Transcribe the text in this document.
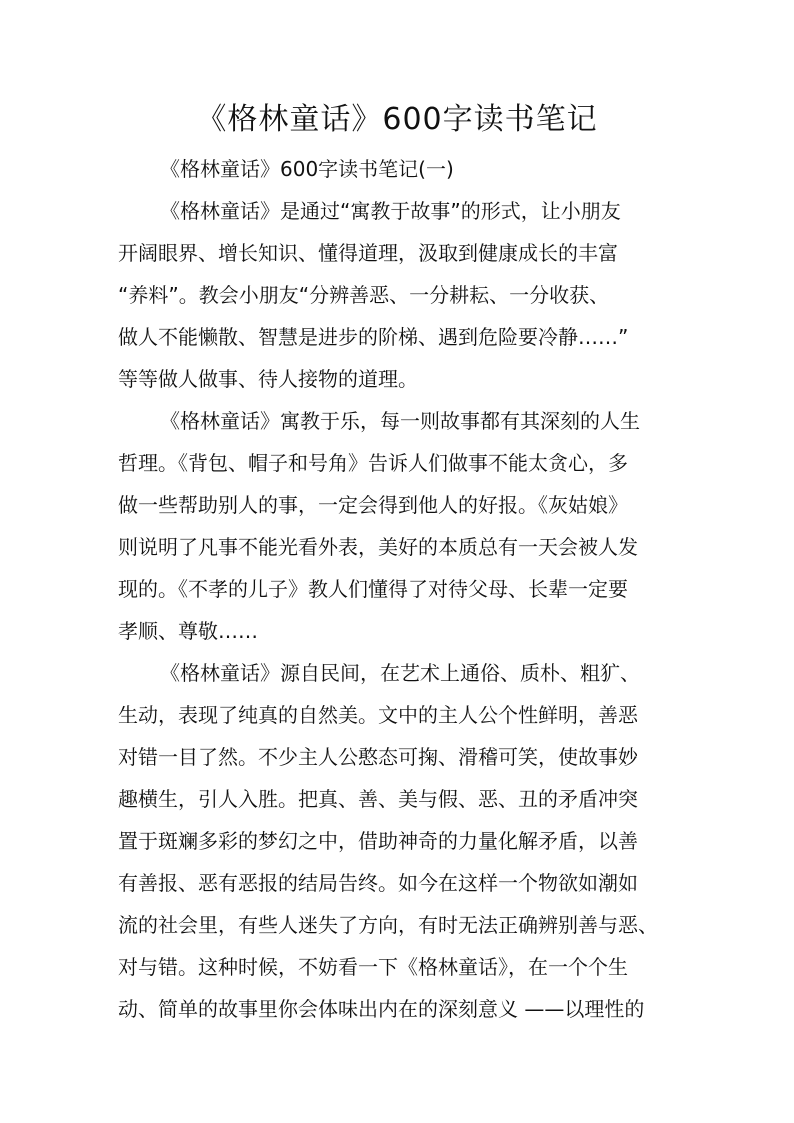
《格林童话》600字读书笔记

《格林童话》600字读书笔记(一)

《格林童话》是通过“寓教于故事”的形式，让小朋友
开阔眼界、增长知识、懂得道理，汲取到健康成长的丰富
“养料”。教会小朋友“分辨善恶、一分耕耘、一分收获、
做人不能懒散、智慧是进步的阶梯、遇到危险要冷静……”
等等做人做事、待人接物的道理。

《格林童话》寓教于乐，每一则故事都有其深刻的人生
哲理。《背包、帽子和号角》告诉人们做事不能太贪心，多
做一些帮助别人的事，一定会得到他人的好报。《灰姑娘》
则说明了凡事不能光看外表，美好的本质总有一天会被人发
现的。《不孝的儿子》教人们懂得了对待父母、长辈一定要
孝顺、尊敬……

《格林童话》源自民间，在艺术上通俗、质朴、粗犷、
生动，表现了纯真的自然美。文中的主人公个性鲜明，善恶
对错一目了然。不少主人公憨态可掬、滑稽可笑，使故事妙
趣横生，引人入胜。把真、善、美与假、恶、丑的矛盾冲突
置于斑斓多彩的梦幻之中，借助神奇的力量化解矛盾，以善
有善报、恶有恶报的结局告终。如今在这样一个物欲如潮如
流的社会里，有些人迷失了方向，有时无法正确辨别善与恶、
对与错。这种时候，不妨看一下《格林童话》，在一个个生
动、简单的故事里你会体味出内在的深刻意义 ——以理性的
